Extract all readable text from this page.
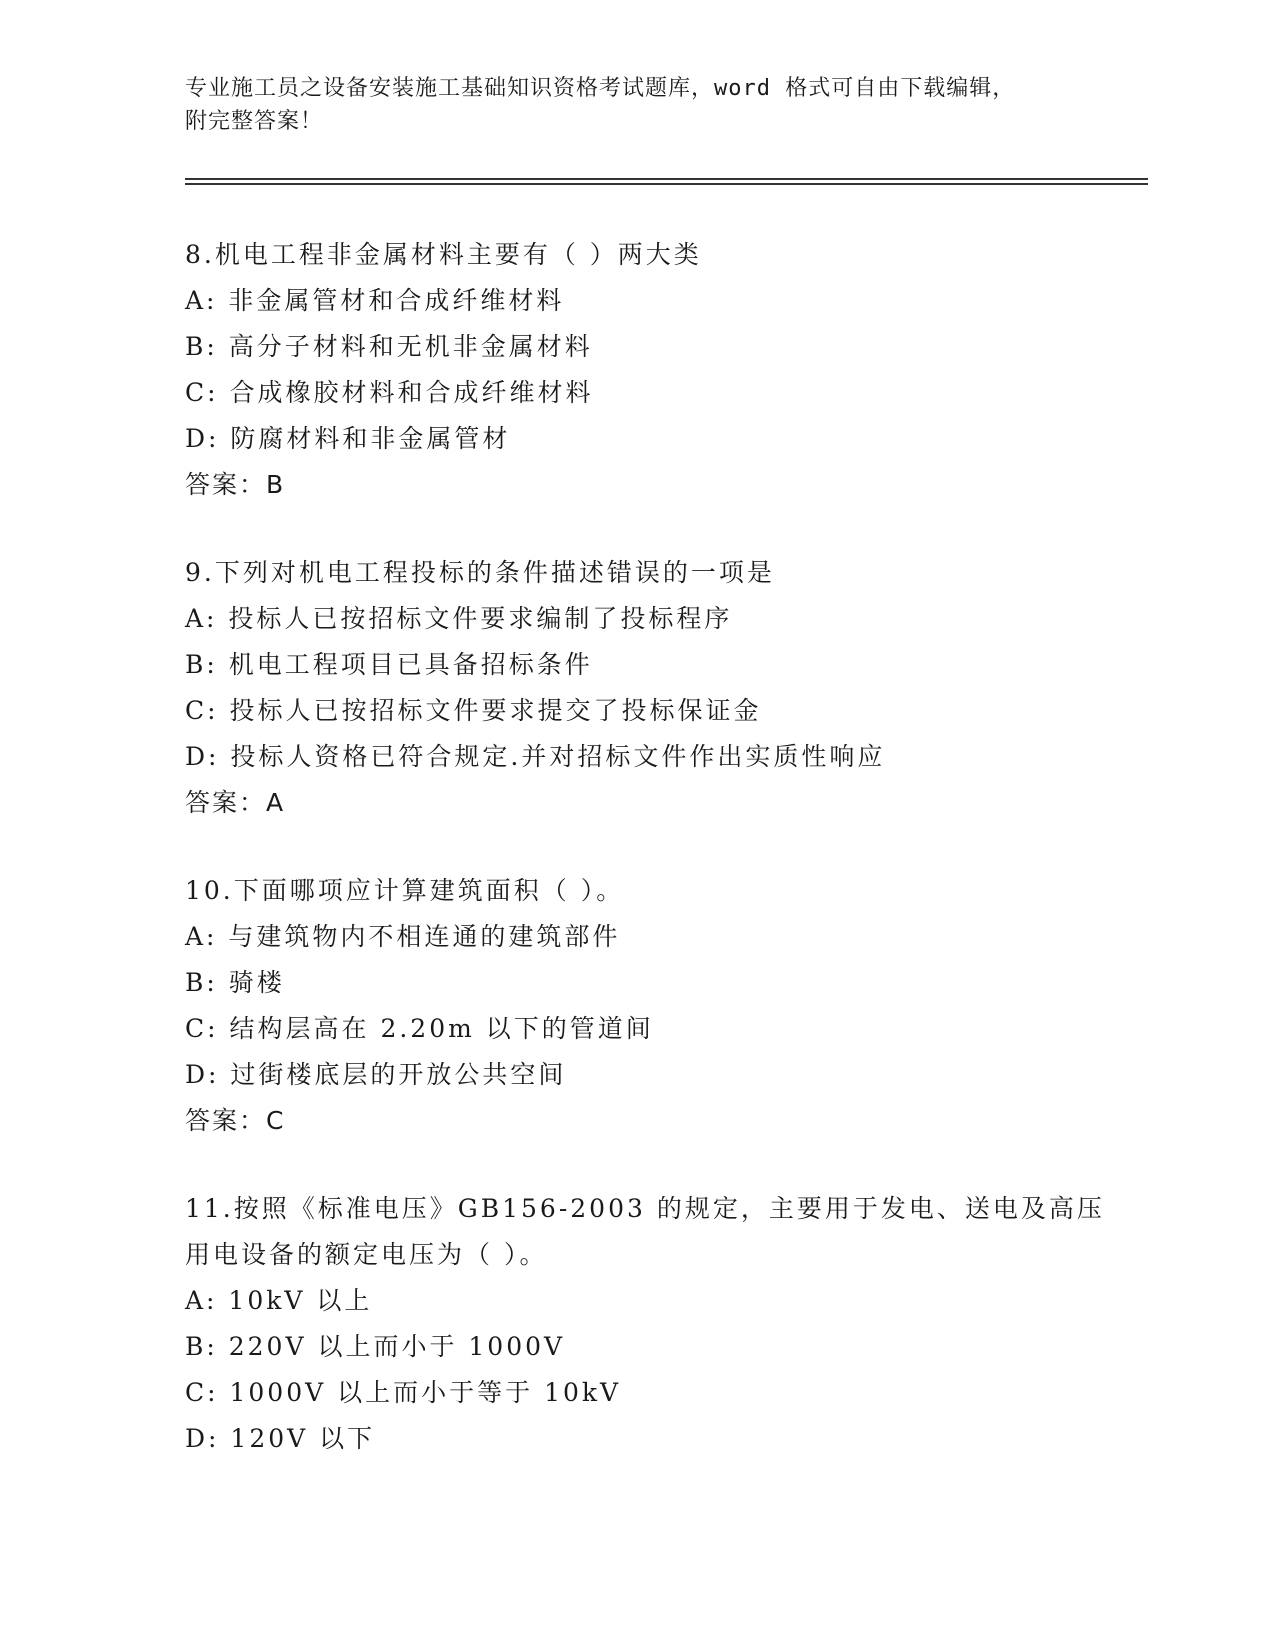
专业施工员之设备安装施工基础知识资格考试题库，word 格式可自由下载编辑，
附完整答案！
8.机电工程非金属材料主要有（ ）两大类
A: 非金属管材和合成纤维材料
B: 高分子材料和无机非金属材料
C: 合成橡胶材料和合成纤维材料
D: 防腐材料和非金属管材
答案：B
9.下列对机电工程投标的条件描述错误的一项是
A: 投标人已按招标文件要求编制了投标程序
B: 机电工程项目已具备招标条件
C: 投标人已按招标文件要求提交了投标保证金
D: 投标人资格已符合规定.并对招标文件作出实质性响应
答案：A
10.下面哪项应计算建筑面积（ ）。
A: 与建筑物内不相连通的建筑部件
B: 骑楼
C: 结构层高在 2.20m 以下的管道间
D: 过街楼底层的开放公共空间
答案：C
11.按照《标准电压》GB156-2003 的规定，主要用于发电、送电及高压
用电设备的额定电压为（ ）。
A: 10kV 以上
B: 220V 以上而小于 1000V
C: 1000V 以上而小于等于 10kV
D: 120V 以下
